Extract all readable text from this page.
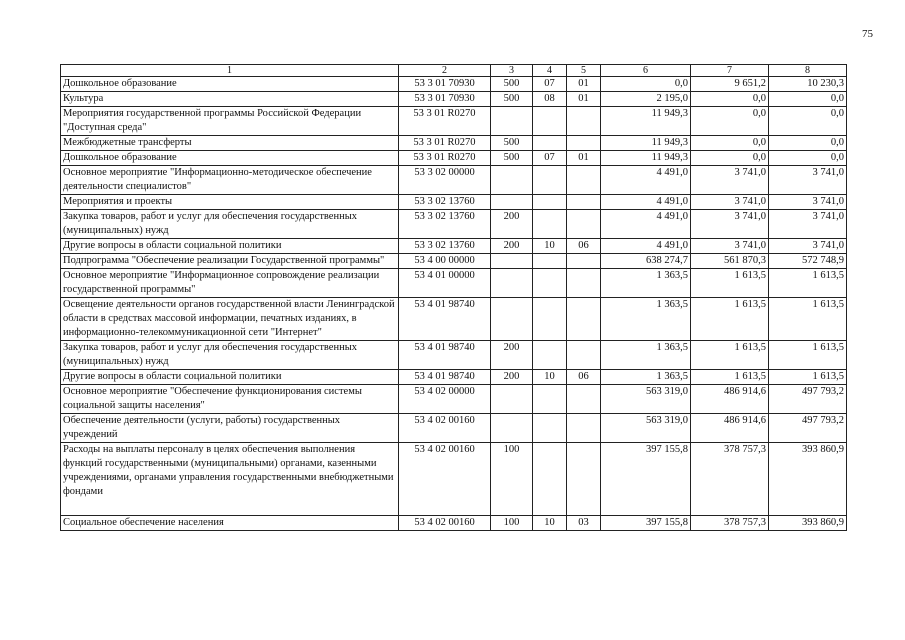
75
1	2	3	4	5	6	7	8
Дошкольное образование	53 3 01 70930	500	07	01	0,0	9 651,2	10 230,3
Культура	53 3 01 70930	500	08	01	2 195,0	0,0	0,0
Мероприятия государственной программы Российской Федерации "Доступная среда"	53 3 01 R0270				11 949,3	0,0	0,0
Межбюджетные трансферты	53 3 01 R0270	500			11 949,3	0,0	0,0
Дошкольное образование	53 3 01 R0270	500	07	01	11 949,3	0,0	0,0
Основное мероприятие "Информационно-методическое обеспечение деятельности специалистов"	53 3 02 00000				4 491,0	3 741,0	3 741,0
Мероприятия и проекты	53 3 02 13760				4 491,0	3 741,0	3 741,0
Закупка товаров, работ и услуг для обеспечения государственных (муниципальных) нужд	53 3 02 13760	200			4 491,0	3 741,0	3 741,0
Другие вопросы в области социальной политики	53 3 02 13760	200	10	06	4 491,0	3 741,0	3 741,0
Подпрограмма "Обеспечение реализации Государственной программы"	53 4 00 00000				638 274,7	561 870,3	572 748,9
Основное мероприятие "Информационное сопровождение реализации государственной программы"	53 4 01 00000				1 363,5	1 613,5	1 613,5
Освещение деятельности органов государственной власти Ленинградской области в средствах массовой информации, печатных изданиях, в информационно-телекоммуникационной сети "Интернет"	53 4 01 98740				1 363,5	1 613,5	1 613,5
Закупка товаров, работ и услуг для обеспечения государственных (муниципальных) нужд	53 4 01 98740	200			1 363,5	1 613,5	1 613,5
Другие вопросы в области социальной политики	53 4 01 98740	200	10	06	1 363,5	1 613,5	1 613,5
Основное мероприятие "Обеспечение функционирования системы социальной защиты населения"	53 4 02 00000				563 319,0	486 914,6	497 793,2
Обеспечение деятельности (услуги, работы) государственных учреждений	53 4 02 00160				563 319,0	486 914,6	497 793,2
Расходы на выплаты персоналу в целях обеспечения выполнения функций государственными (муниципальными) органами, казенными учреждениями, органами управления государственными внебюджетными фондами	53 4 02 00160	100			397 155,8	378 757,3	393 860,9
Социальное обеспечение населения	53 4 02 00160	100	10	03	397 155,8	378 757,3	393 860,9
